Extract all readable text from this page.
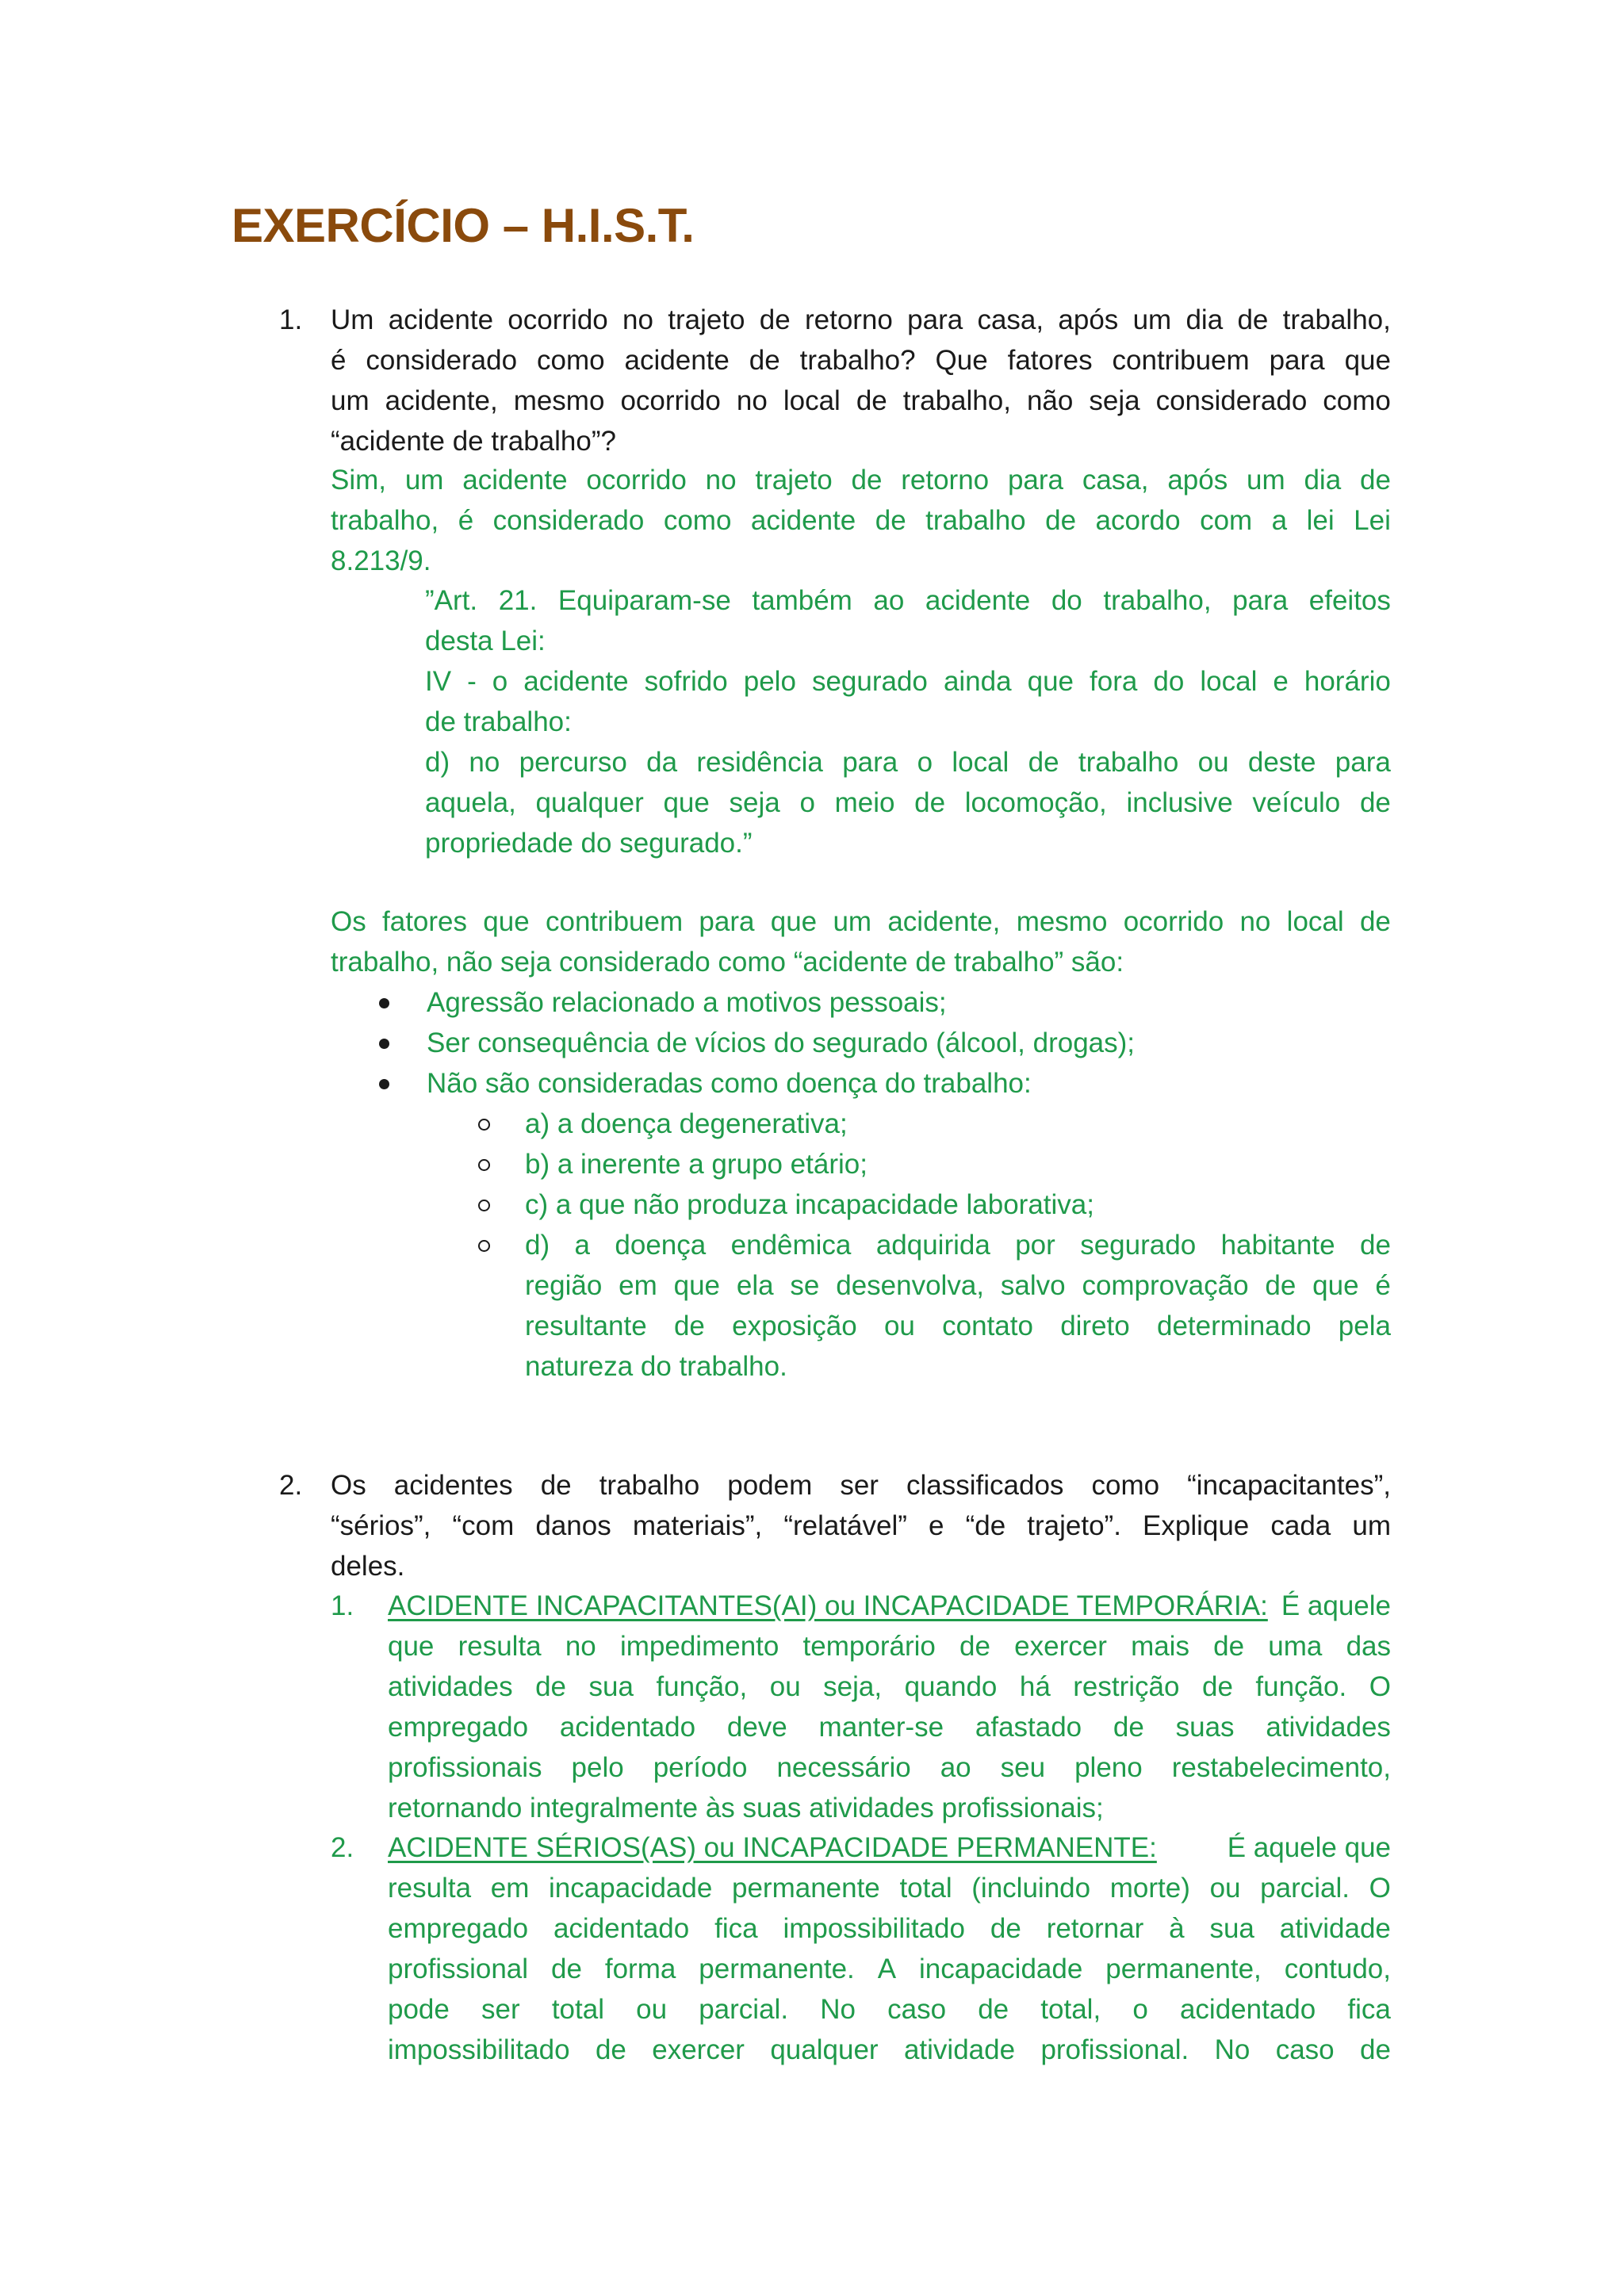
EXERCÍCIO – H.I.S.T.
1. Um acidente ocorrido no trajeto de retorno para casa, após um dia de trabalho,
é considerado como acidente de trabalho? Que fatores contribuem para que
um acidente, mesmo ocorrido no local de trabalho, não seja considerado como
“acidente de trabalho”?
Sim, um acidente ocorrido no trajeto de retorno para casa, após um dia de
trabalho, é considerado como acidente de trabalho de acordo com a lei Lei
8.213/9.
”Art. 21. Equiparam-se também ao acidente do trabalho, para efeitos
desta Lei:
IV - o acidente sofrido pelo segurado ainda que fora do local e horário
de trabalho:
d) no percurso da residência para o local de trabalho ou deste para
aquela, qualquer que seja o meio de locomoção, inclusive veículo de
propriedade do segurado.”
Os fatores que contribuem para que um acidente, mesmo ocorrido no local de
trabalho, não seja considerado como “acidente de trabalho” são:
Agressão relacionado a motivos pessoais;
Ser consequência de vícios do segurado (álcool, drogas);
Não são consideradas como doença do trabalho:
a) a doença degenerativa;
b) a inerente a grupo etário;
c) a que não produza incapacidade laborativa;
d) a doença endêmica adquirida por segurado habitante de
região em que ela se desenvolva, salvo comprovação de que é
resultante de exposição ou contato direto determinado pela
natureza do trabalho.
2. Os acidentes de trabalho podem ser classificados como “incapacitantes”,
“sérios”, “com danos materiais”, “relatável” e “de trajeto”. Explique cada um
deles.
1. ACIDENTE INCAPACITANTES(AI) ou INCAPACIDADE TEMPORÁRIA: É aquele
que resulta no impedimento temporário de exercer mais de uma das
atividades de sua função, ou seja, quando há restrição de função. O
empregado acidentado deve manter-se afastado de suas atividades
profissionais pelo período necessário ao seu pleno restabelecimento,
retornando integralmente às suas atividades profissionais;
2. ACIDENTE SÉRIOS(AS) ou INCAPACIDADE PERMANENTE:	É aquele que
resulta em incapacidade permanente total (incluindo morte) ou parcial. O
empregado acidentado fica impossibilitado de retornar à sua atividade
profissional de forma permanente. A incapacidade permanente, contudo,
pode ser total ou parcial. No caso de total, o acidentado fica
impossibilitado de exercer qualquer atividade profissional. No caso de
